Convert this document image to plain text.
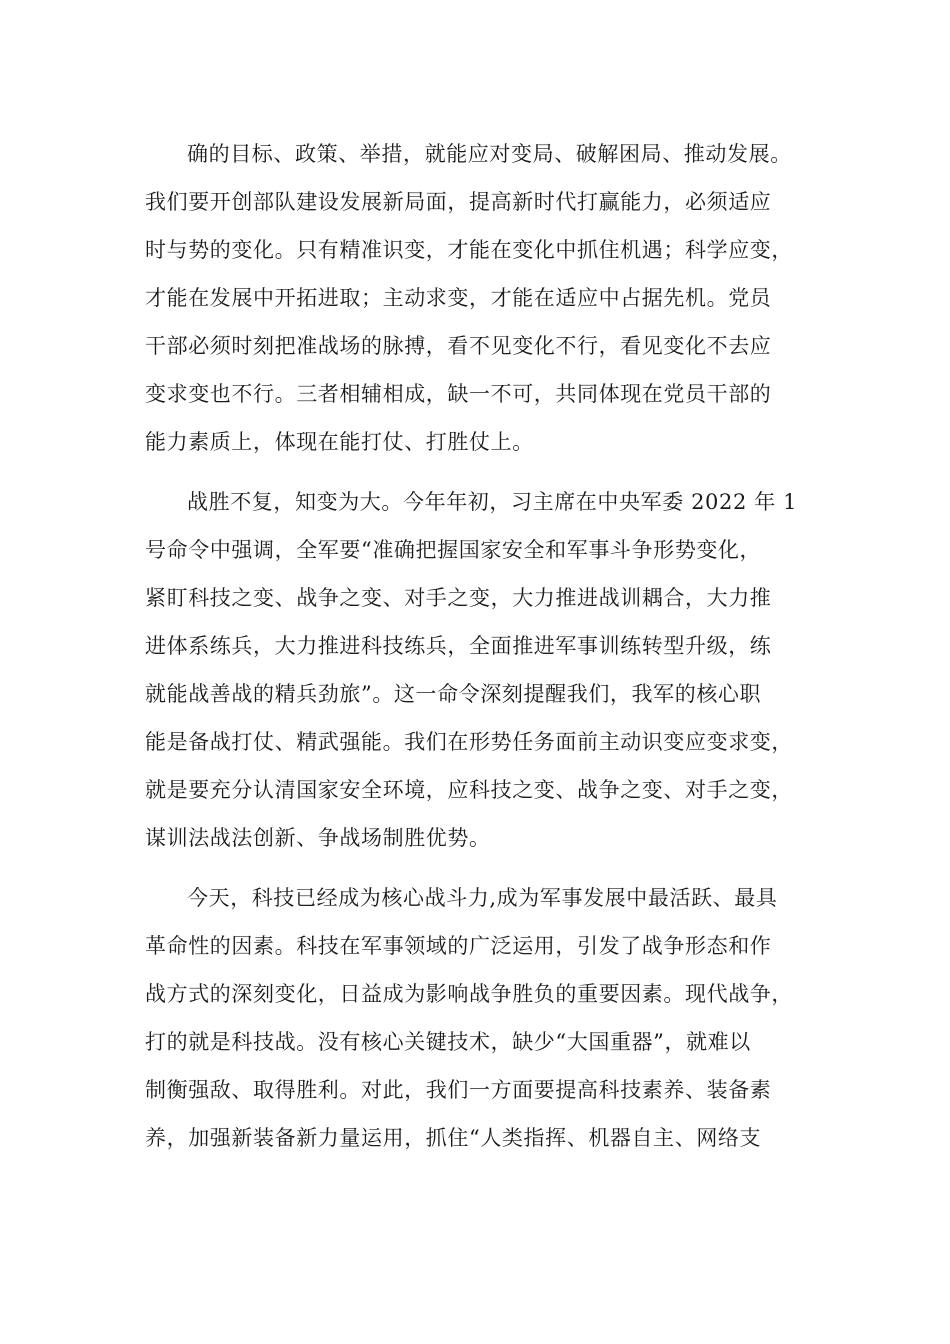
确的目标、政策、举措，就能应对变局、破解困局、推动发展。
我们要开创部队建设发展新局面，提高新时代打赢能力，必须适应
时与势的变化。只有精准识变，才能在变化中抓住机遇；科学应变，
才能在发展中开拓进取；主动求变，才能在适应中占据先机。党员
干部必须时刻把准战场的脉搏，看不见变化不行，看见变化不去应
变求变也不行。三者相辅相成，缺一不可，共同体现在党员干部的
能力素质上，体现在能打仗、打胜仗上。
战胜不复，知变为大。今年年初，习主席在中央军委 2022 年 1
号命令中强调，全军要“准确把握国家安全和军事斗争形势变化，
紧盯科技之变、战争之变、对手之变，大力推进战训耦合，大力推
进体系练兵，大力推进科技练兵，全面推进军事训练转型升级，练
就能战善战的精兵劲旅”。这一命令深刻提醒我们，我军的核心职
能是备战打仗、精武强能。我们在形势任务面前主动识变应变求变，
就是要充分认清国家安全环境，应科技之变、战争之变、对手之变，
谋训法战法创新、争战场制胜优势。
今天，科技已经成为核心战斗力,成为军事发展中最活跃、最具
革命性的因素。科技在军事领域的广泛运用，引发了战争形态和作
战方式的深刻变化，日益成为影响战争胜负的重要因素。现代战争，
打的就是科技战。没有核心关键技术，缺少“大国重器”，就难以
制衡强敌、取得胜利。对此，我们一方面要提高科技素养、装备素
养，加强新装备新力量运用，抓住“人类指挥、机器自主、网络支
